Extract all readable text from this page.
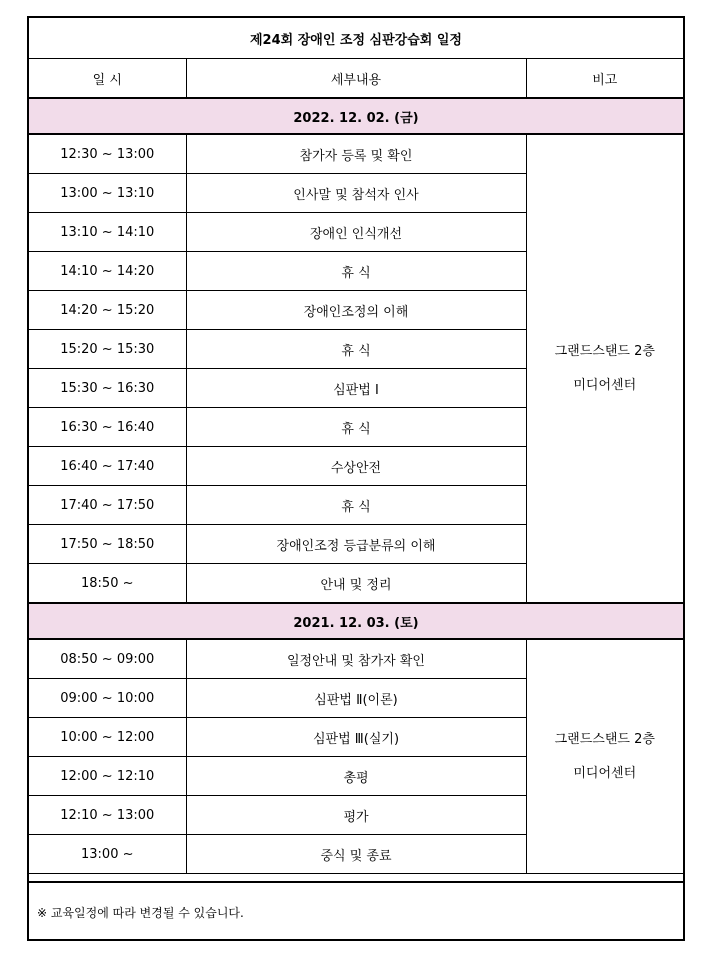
제24회 장애인 조정 심판강습회 일정		
일 시	세부내용	비고
2022. 12. 02. (금)		
12:30 ~ 13:00	참가자 등록 및 확인	그랜드스탠드 2층
미디어센터
13:00 ~ 13:10	인사말 및 참석자 인사	
13:10 ~ 14:10	장애인 인식개선	
14:10 ~ 14:20	휴 식	
14:20 ~ 15:20	장애인조정의 이해	
15:20 ~ 15:30	휴 식	
15:30 ~ 16:30	심판법 Ⅰ	
16:30 ~ 16:40	휴 식	
16:40 ~ 17:40	수상안전	
17:40 ~ 17:50	휴 식	
17:50 ~ 18:50	장애인조정 등급분류의 이해	
18:50 ~	안내 및 정리	
2021. 12. 03. (토)		
08:50 ~ 09:00	일정안내 및 참가자 확인	그랜드스탠드 2층
미디어센터
09:00 ~ 10:00	심판법 Ⅱ(이론)	
10:00 ~ 12:00	심판법 Ⅲ(실기)	
12:00 ~ 12:10	총평	
12:10 ~ 13:00	평가	
13:00 ~	중식 및 종료	
※ 교육일정에 따라 변경될 수 있습니다.
